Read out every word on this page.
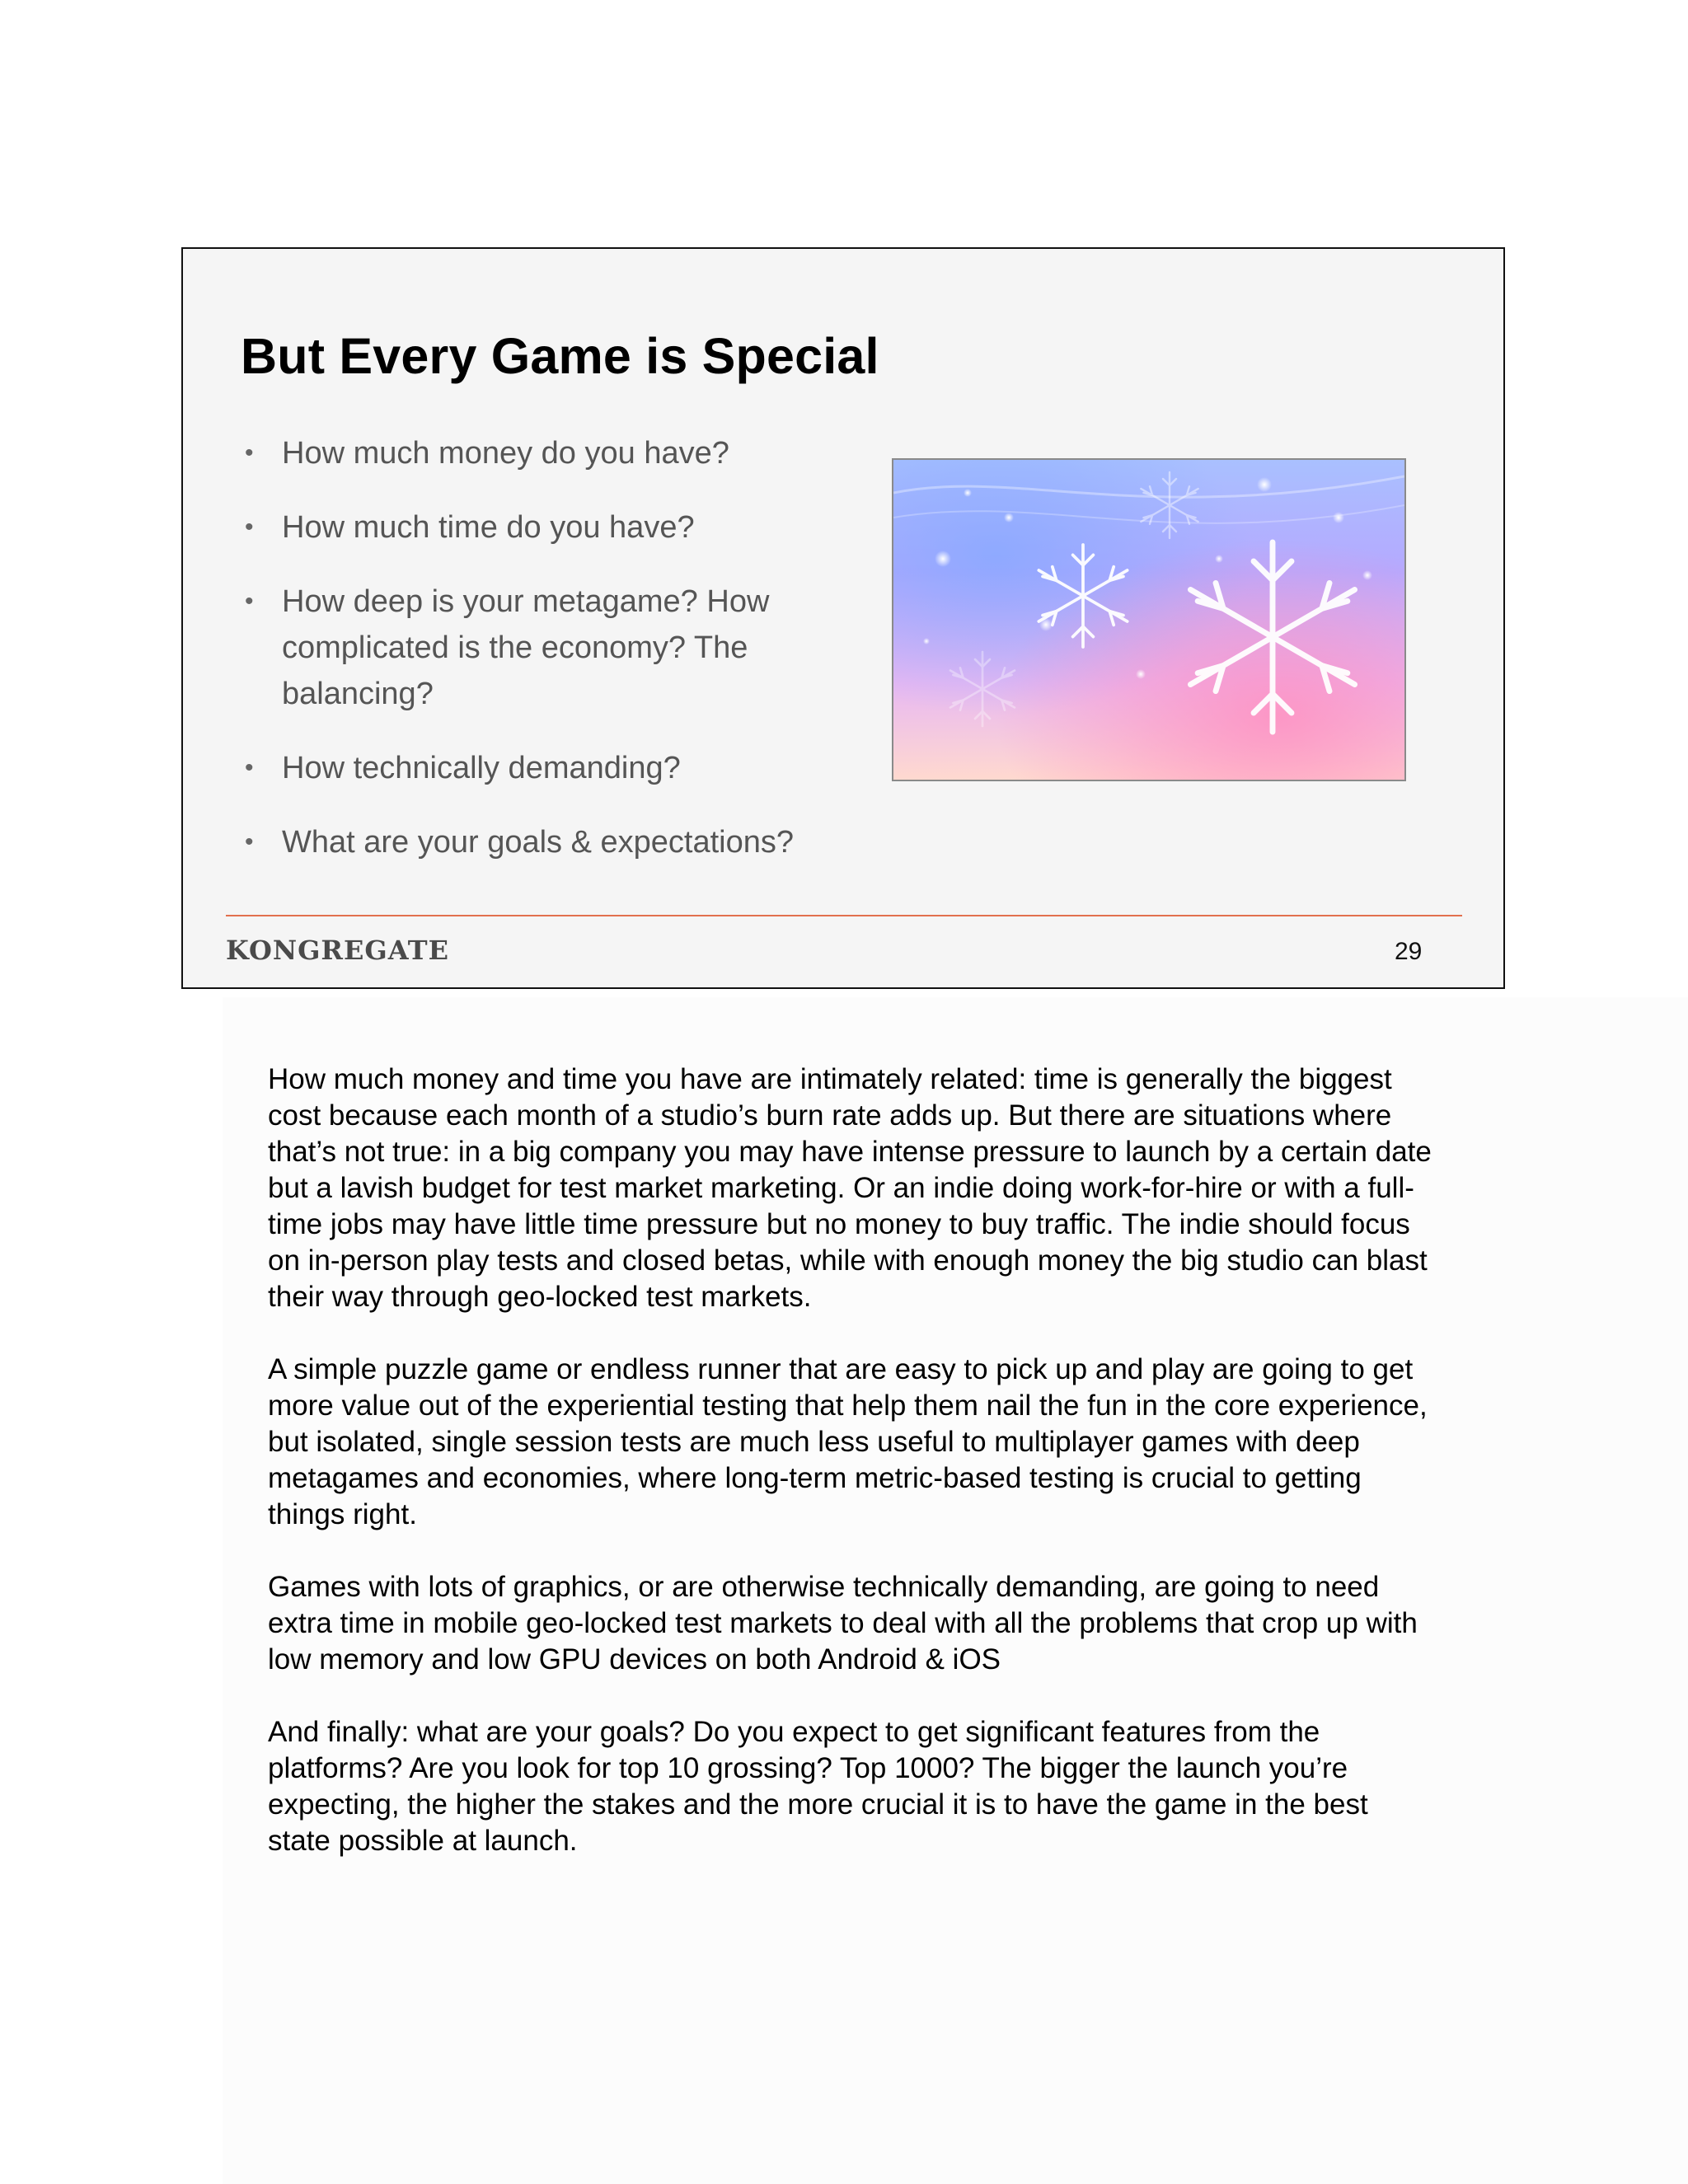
But Every Game is Special
• How much money do you have?
• How much time do you have?
• How deep is your metagame? How complicated is the economy? The balancing?
• How technically demanding?
• What are your goals & expectations?
KONGREGATE	29

How much money and time you have are intimately related: time is generally the biggest cost because each month of a studio’s burn rate adds up. But there are situations where that’s not true: in a big company you may have intense pressure to launch by a certain date but a lavish budget for test market marketing. Or an indie doing work-for-hire or with a full-time jobs may have little time pressure but no money to buy traffic. The indie should focus on in-person play tests and closed betas, while with enough money the big studio can blast their way through geo-locked test markets.

A simple puzzle game or endless runner that are easy to pick up and play are going to get more value out of the experiential testing that help them nail the fun in the core experience, but isolated, single session tests are much less useful to multiplayer games with deep metagames and economies, where long-term metric-based testing is crucial to getting things right.

Games with lots of graphics, or are otherwise technically demanding, are going to need extra time in mobile geo-locked test markets to deal with all the problems that crop up with low memory and low GPU devices on both Android & iOS

And finally: what are your goals? Do you expect to get significant features from the platforms? Are you look for top 10 grossing? Top 1000? The bigger the launch you’re expecting, the higher the stakes and the more crucial it is to have the game in the best state possible at launch.
